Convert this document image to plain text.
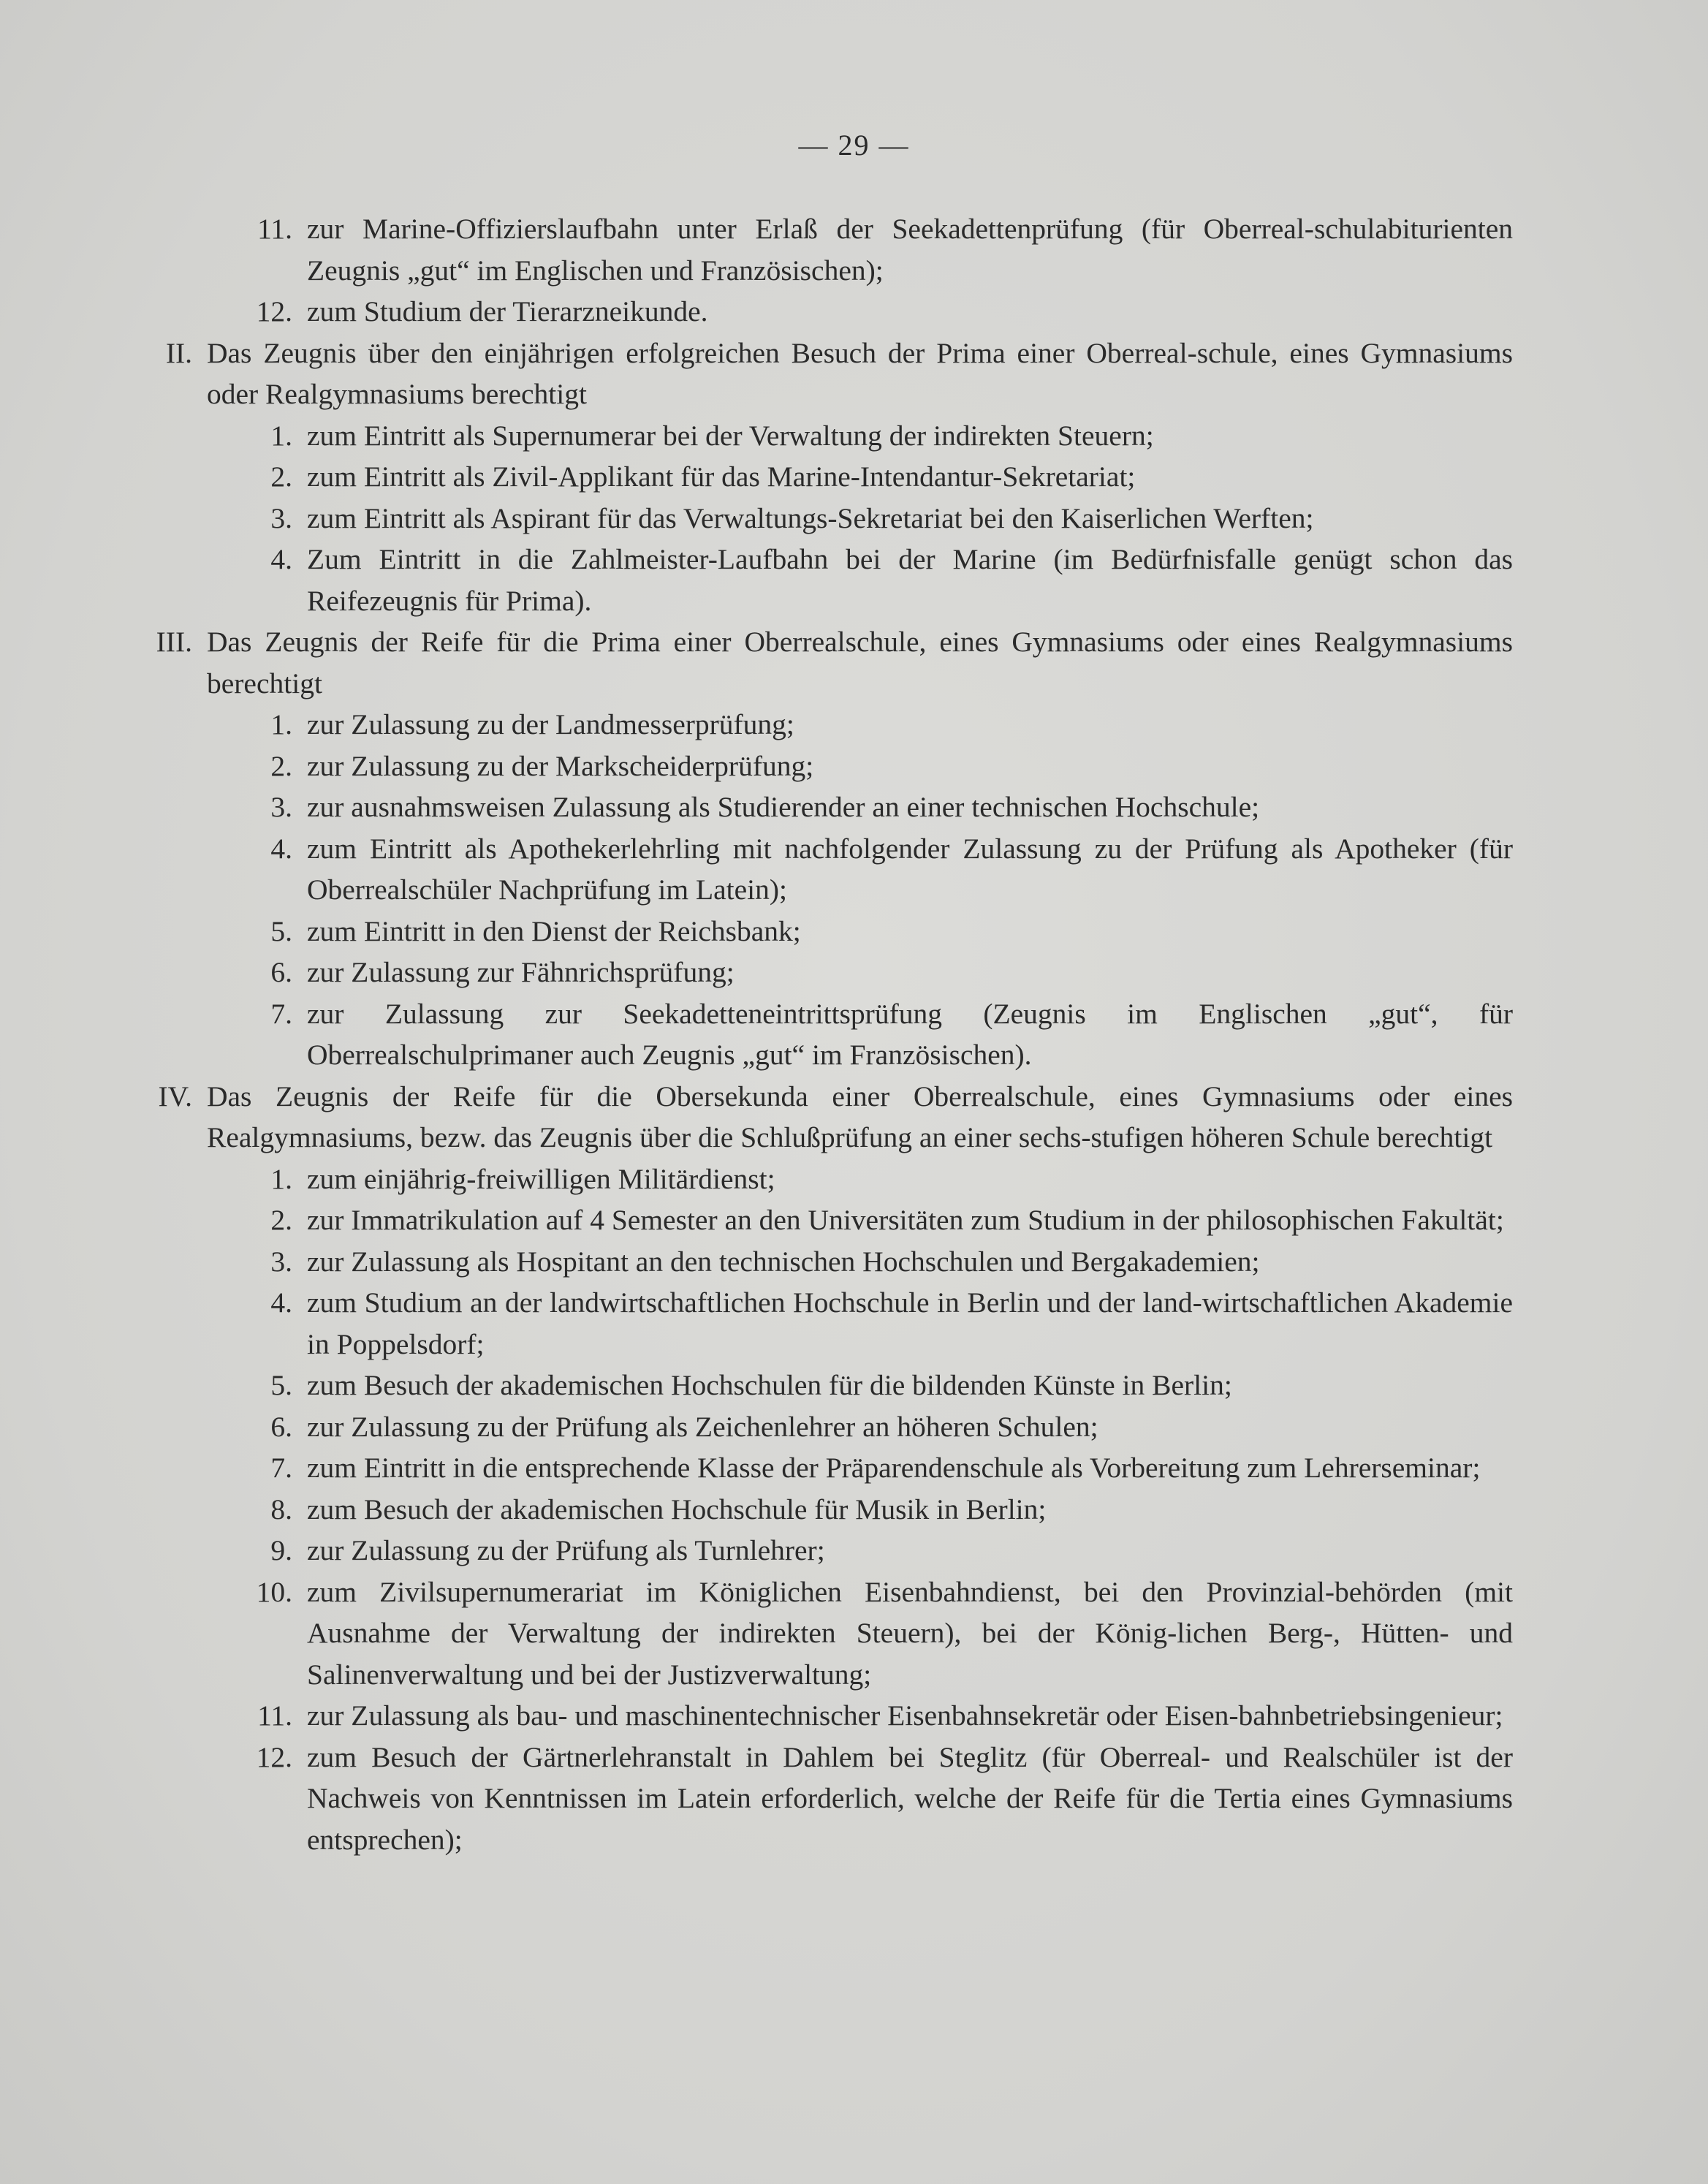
— 29 —
11. zur Marine-Offizierslaufbahn unter Erlaß der Seekadettenprüfung (für Oberreal-schulabiturienten Zeugnis „gut“ im Englischen und Französischen);
12. zum Studium der Tierarzneikunde.
II. Das Zeugnis über den einjährigen erfolgreichen Besuch der Prima einer Oberreal-schule, eines Gymnasiums oder Realgymnasiums berechtigt
1. zum Eintritt als Supernumerar bei der Verwaltung der indirekten Steuern;
2. zum Eintritt als Zivil-Applikant für das Marine-Intendantur-Sekretariat;
3. zum Eintritt als Aspirant für das Verwaltungs-Sekretariat bei den Kaiserlichen Werften;
4. Zum Eintritt in die Zahlmeister-Laufbahn bei der Marine (im Bedürfnisfalle genügt schon das Reifezeugnis für Prima).
III. Das Zeugnis der Reife für die Prima einer Oberrealschule, eines Gymnasiums oder eines Realgymnasiums berechtigt
1. zur Zulassung zu der Landmesserprüfung;
2. zur Zulassung zu der Markscheiderprüfung;
3. zur ausnahmsweisen Zulassung als Studierender an einer technischen Hochschule;
4. zum Eintritt als Apothekerlehrling mit nachfolgender Zulassung zu der Prüfung als Apotheker (für Oberrealschüler Nachprüfung im Latein);
5. zum Eintritt in den Dienst der Reichsbank;
6. zur Zulassung zur Fähnrichsprüfung;
7. zur Zulassung zur Seekadetteneintrittsprüfung (Zeugnis im Englischen „gut“, für Oberrealschulprimaner auch Zeugnis „gut“ im Französischen).
IV. Das Zeugnis der Reife für die Obersekunda einer Oberrealschule, eines Gymnasiums oder eines Realgymnasiums, bezw. das Zeugnis über die Schlußprüfung an einer sechs-stufigen höheren Schule berechtigt
1. zum einjährig-freiwilligen Militärdienst;
2. zur Immatrikulation auf 4 Semester an den Universitäten zum Studium in der philosophischen Fakultät;
3. zur Zulassung als Hospitant an den technischen Hochschulen und Bergakademien;
4. zum Studium an der landwirtschaftlichen Hochschule in Berlin und der land-wirtschaftlichen Akademie in Poppelsdorf;
5. zum Besuch der akademischen Hochschulen für die bildenden Künste in Berlin;
6. zur Zulassung zu der Prüfung als Zeichenlehrer an höheren Schulen;
7. zum Eintritt in die entsprechende Klasse der Präparendenschule als Vorbereitung zum Lehrerseminar;
8. zum Besuch der akademischen Hochschule für Musik in Berlin;
9. zur Zulassung zu der Prüfung als Turnlehrer;
10. zum Zivilsupernumerariat im Königlichen Eisenbahndienst, bei den Provinzial-behörden (mit Ausnahme der Verwaltung der indirekten Steuern), bei der König-lichen Berg-, Hütten- und Salinenverwaltung und bei der Justizverwaltung;
11. zur Zulassung als bau- und maschinentechnischer Eisenbahnsekretär oder Eisen-bahnbetriebsingenieur;
12. zum Besuch der Gärtnerlehranstalt in Dahlem bei Steglitz (für Oberreal- und Realschüler ist der Nachweis von Kenntnissen im Latein erforderlich, welche der Reife für die Tertia eines Gymnasiums entsprechen);
